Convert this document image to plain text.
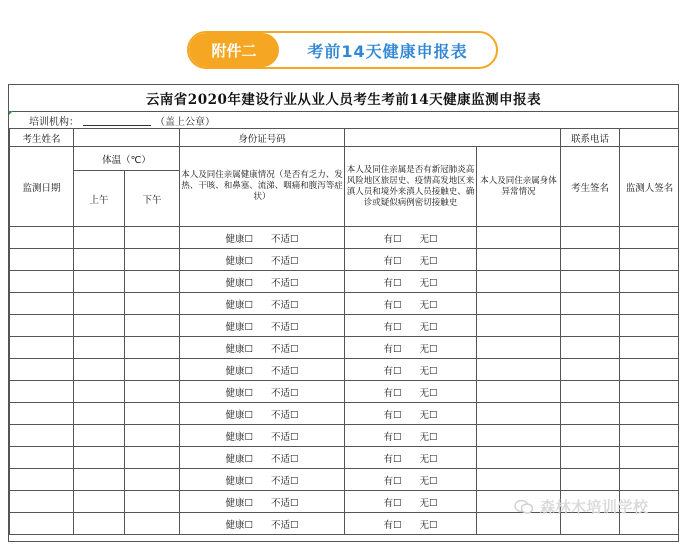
附件二	考前14天健康申报表
云南省2020年建设行业从业人员考生考前14天健康监测申报表
培训机构：	（盖上公章）
考生姓名			身份证号码			联系电话	
监测日期	体温（℃）		本人及同住亲属健康情况（是否有乏力、发热、干咳、和鼻塞、流涕、咽痛和腹泻等症状）	本人及同住亲属是否有新冠肺炎高风险地区旅居史、疫情高发地区来滇人员和境外来滇人员接触史、确诊或疑似病例密切接触史	本人及同住亲属身体异常情况	考生签名	监测人签名
	上午	下午					
			健康☐ 不适☐	有☐ 无☐			
			健康☐ 不适☐	有☐ 无☐			
			健康☐ 不适☐	有☐ 无☐			
			健康☐ 不适☐	有☐ 无☐			
			健康☐ 不适☐	有☐ 无☐			
			健康☐ 不适☐	有☐ 无☐			
			健康☐ 不适☐	有☐ 无☐			
			健康☐ 不适☐	有☐ 无☐			
			健康☐ 不适☐	有☐ 无☐			
			健康☐ 不适☐	有☐ 无☐			
			健康☐ 不适☐	有☐ 无☐			
			健康☐ 不适☐	有☐ 无☐			
			健康☐ 不适☐	有☐ 无☐			
			健康☐ 不适☐	有☐ 无☐			
森林木培训学校
